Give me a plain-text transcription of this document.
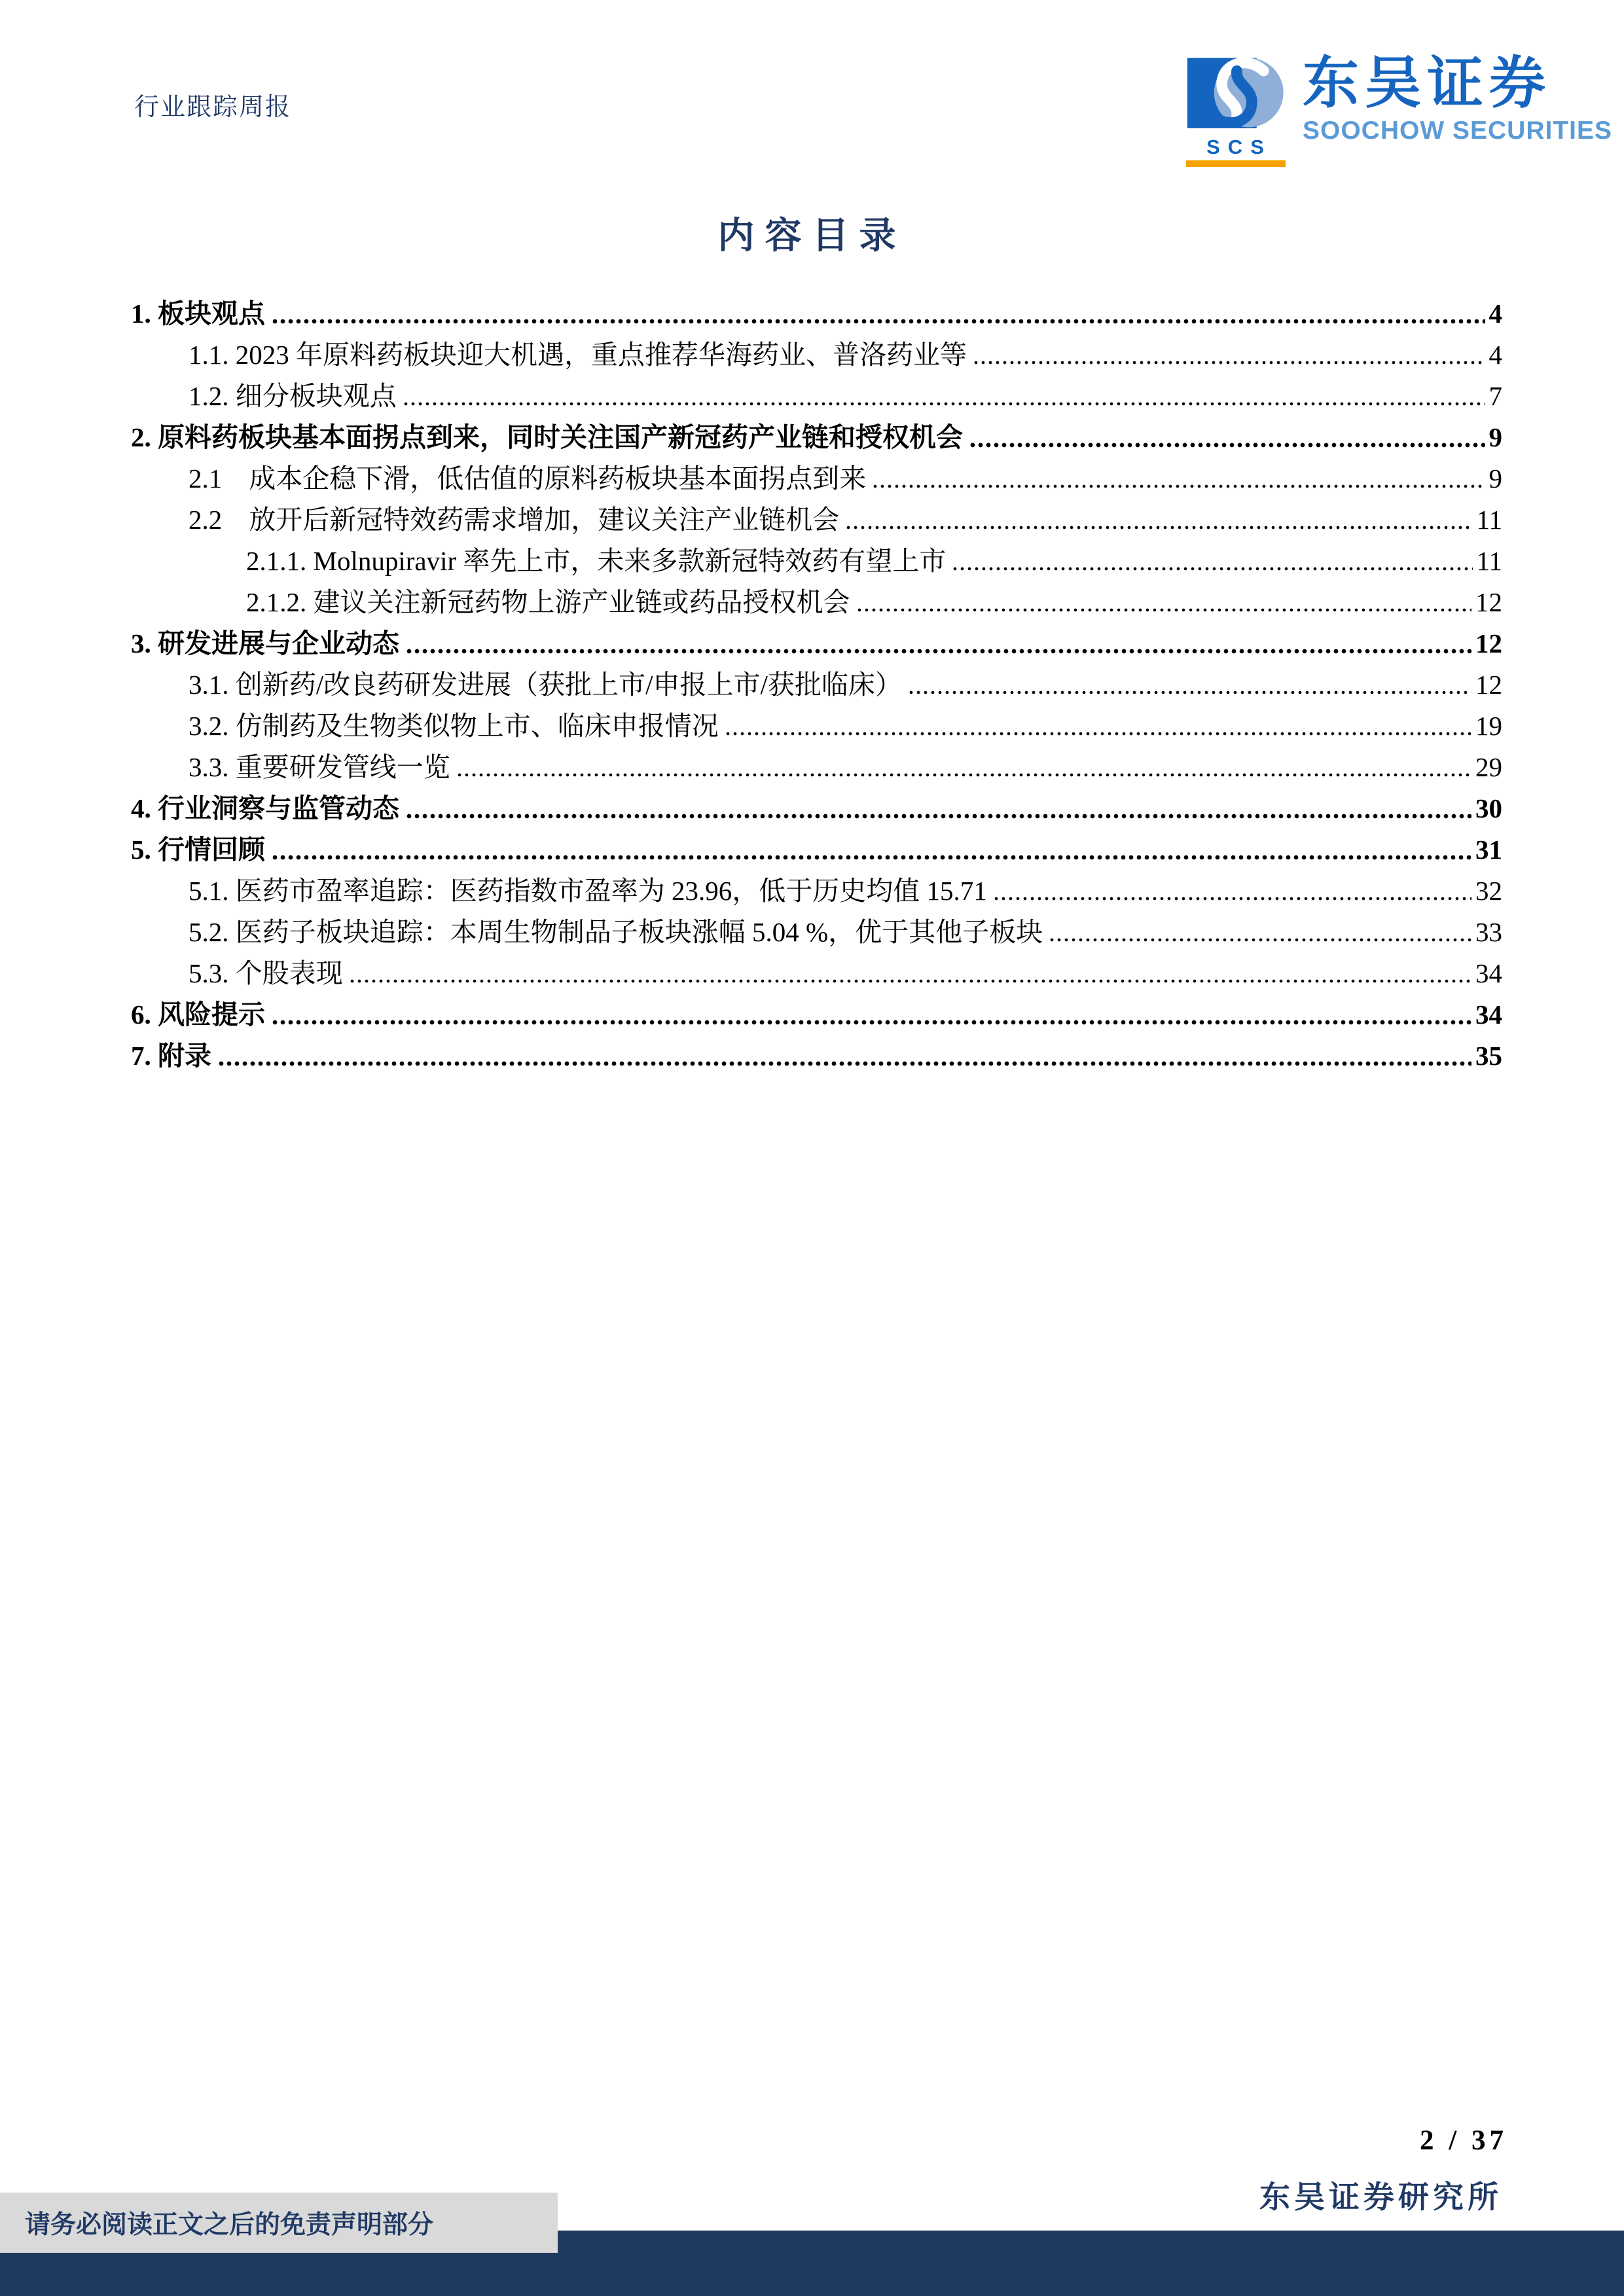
行业跟踪周报
SCS
东吴证券
SOOCHOW SECURITIES
内容目录
1. 板块观点	4
1.1. 2023 年原料药板块迎大机遇，重点推荐华海药业、普洛药业等	4
1.2. 细分板块观点	7
2. 原料药板块基本面拐点到来，同时关注国产新冠药产业链和授权机会	9
2.1　成本企稳下滑，低估值的原料药板块基本面拐点到来	9
2.2　放开后新冠特效药需求增加，建议关注产业链机会	11
2.1.1. Molnupiravir 率先上市，未来多款新冠特效药有望上市	11
2.1.2. 建议关注新冠药物上游产业链或药品授权机会	12
3. 研发进展与企业动态	12
3.1. 创新药/改良药研发进展（获批上市/申报上市/获批临床）	12
3.2. 仿制药及生物类似物上市、临床申报情况	19
3.3. 重要研发管线一览	29
4. 行业洞察与监管动态	30
5. 行情回顾	31
5.1. 医药市盈率追踪：医药指数市盈率为 23.96，低于历史均值 15.71	32
5.2. 医药子板块追踪：本周生物制品子板块涨幅 5.04 %，优于其他子板块	33
5.3. 个股表现	34
6. 风险提示	34
7. 附录	35
2 / 37
东吴证券研究所
请务必阅读正文之后的免责声明部分
